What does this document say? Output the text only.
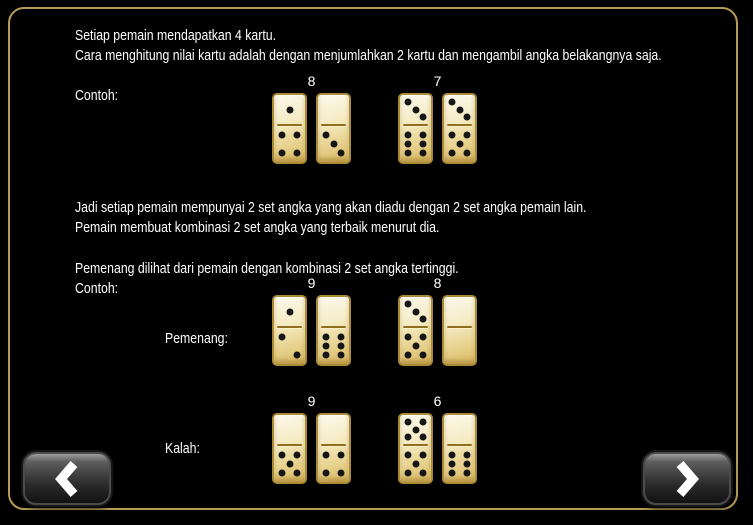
Setiap pemain mendapatkan 4 kartu.
Cara menghitung nilai kartu adalah dengan menjumlahkan 2 kartu dan mengambil angka belakangnya saja.
Contoh:
Jadi setiap pemain mempunyai 2 set angka yang akan diadu dengan 2 set angka pemain lain.
Pemain membuat kombinasi 2 set angka yang terbaik menurut dia.
Pemenang dilihat dari pemain dengan kombinasi 2 set angka tertinggi.
Contoh:
Pemenang:
Kalah:
8	7
9	8
9	6
